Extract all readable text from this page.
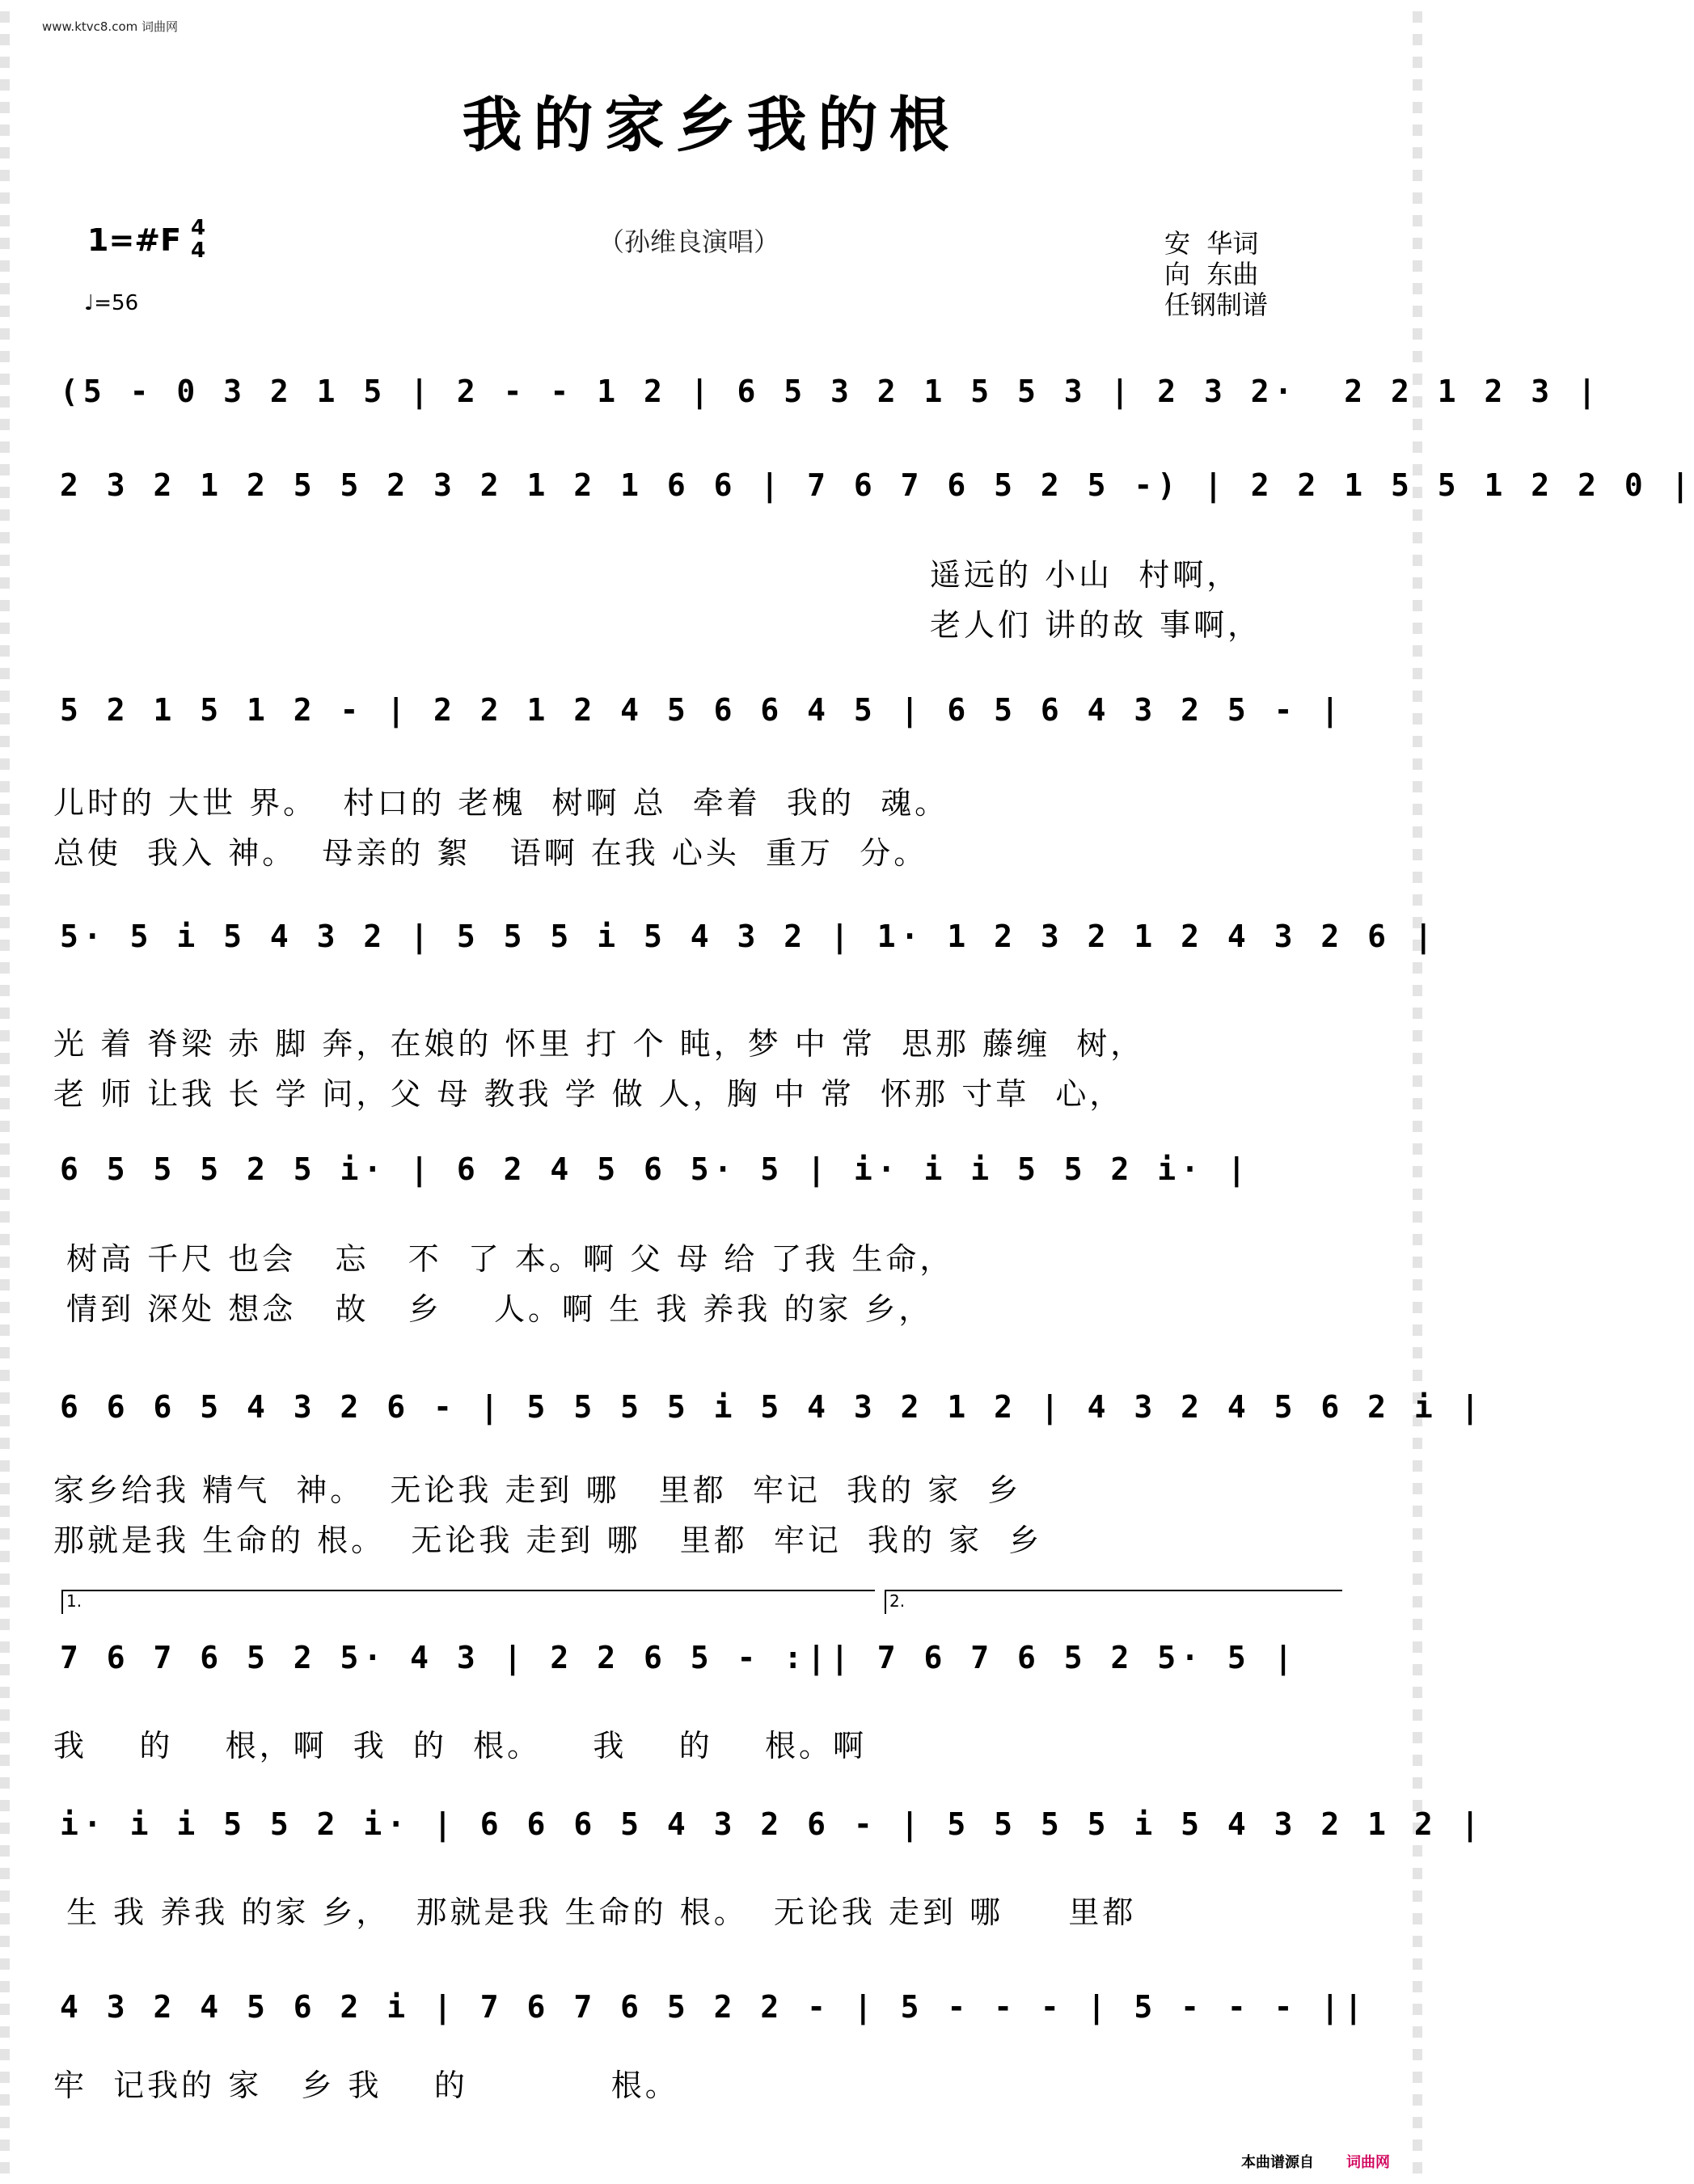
www.ktvc8.com 词曲网
我的家乡我的根
1=#F 4
4
♩=56
（孙维良演唱）	安  华词
向  东曲
任钢制谱
(5 - 0 3 2 1 5 | 2 - - 1 2 | 6 5 3 2 1 5 5 3 | 2 3 2·  2 2 1 2 3 |
2 3 2 1 2 5 5 2 3 2 1 2 1 6 6 | 7 6 7 6 5 2 5 -) | 2 2 1 5 5 1 2 2 0 |
遥远的 小山  村啊，
老人们 讲的故 事啊，
5 2 1 5 1 2 - | 2 2 1 2 4 5 6 6 4 5 | 6 5 6 4 3 2 5 - |
儿时的 大世 界。  村口的 老槐  树啊 总  牵着  我的  魂。
总使  我入 神。  母亲的 絮   语啊 在我 心头  重万  分。
5· 5 i 5 4 3 2 | 5 5 5 i 5 4 3 2 | 1· 1 2 3 2 1 2 4 3 2 6 |
光 着 脊梁 赤 脚 奔，在娘的 怀里 打 个 盹，梦 中 常  思那 藤缠  树，
老 师 让我 长 学 问，父 母 教我 学 做 人，胸 中 常  怀那 寸草  心，
6 5 5 5 2 5 i· | 6 2 4 5 6 5· 5 | i· i i 5 5 2 i· |
树高 千尺 也会   忘   不  了 本。啊 父 母 给 了我 生命，
情到 深处 想念   故   乡    人。啊 生 我 养我 的家 乡，
6 6 6 5 4 3 2 6 - | 5 5 5 5 i 5 4 3 2 1 2 | 4 3 2 4 5 6 2 i |
家乡给我 精气  神。  无论我 走到 哪   里都  牢记  我的 家  乡
那就是我 生命的 根。  无论我 走到 哪   里都  牢记  我的 家  乡
1.	2.
7 6 7 6 5 2 5· 4 3 | 2 2 6 5 - :|| 7 6 7 6 5 2 5· 5 |
我    的    根，啊  我  的  根。    我    的    根。啊
i· i i 5 5 2 i· | 6 6 6 5 4 3 2 6 - | 5 5 5 5 i 5 4 3 2 1 2 |
生 我 养我 的家 乡，  那就是我 生命的 根。  无论我 走到 哪     里都
4 3 2 4 5 6 2 i | 7 6 7 6 5 2 2 - | 5 - - - | 5 - - - ||
牢  记我的 家   乡 我    的           根。
本曲谱源自 词曲网
